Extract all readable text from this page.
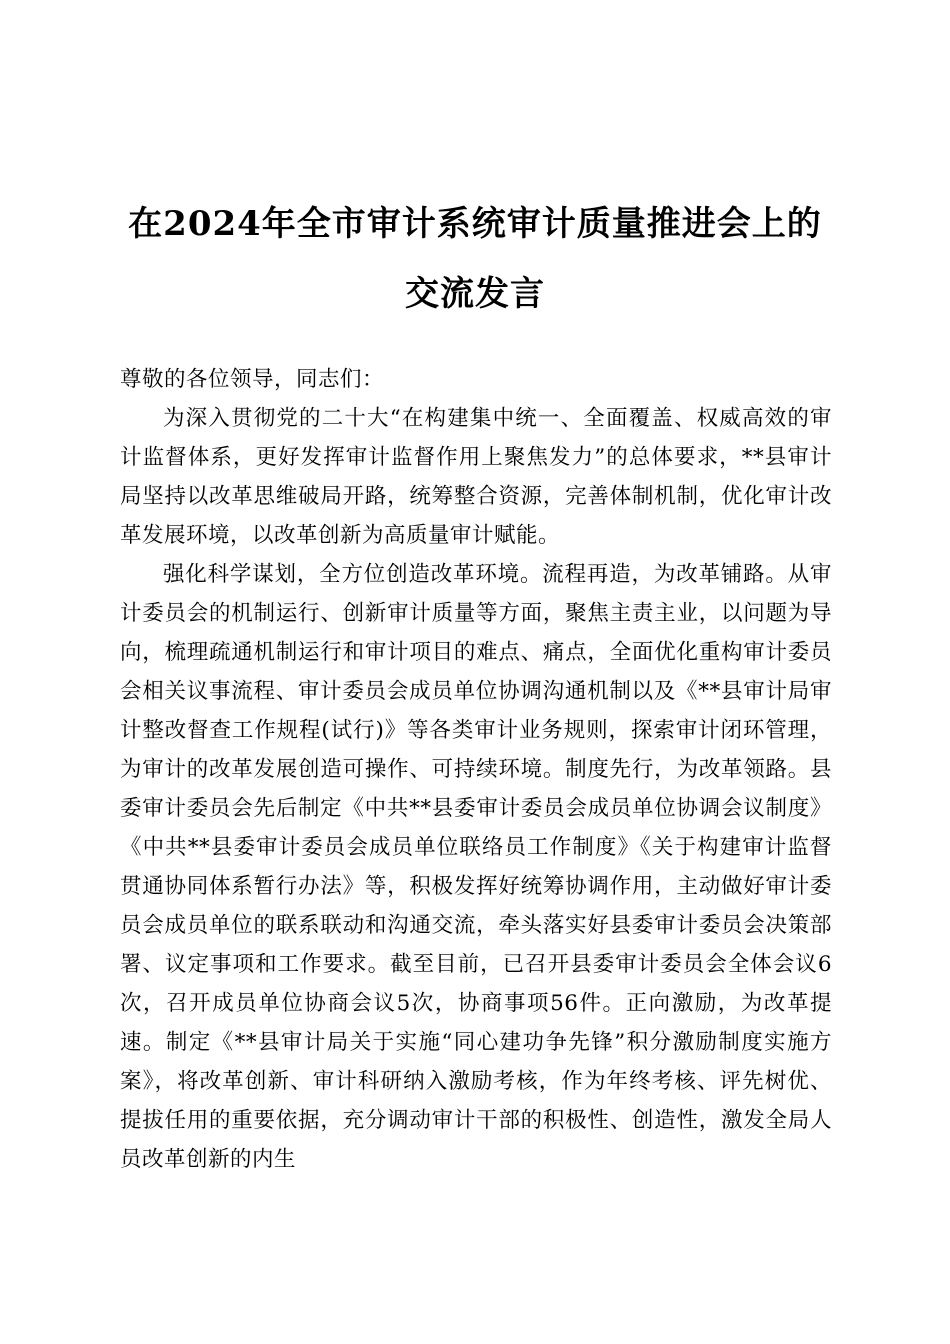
在2024年全市审计系统审计质量推进会上的
交流发言

尊敬的各位领导，同志们：

为深入贯彻党的二十大“在构建集中统一、全面覆盖、权威高效的审计监督体系，更好发挥审计监督作用上聚焦发力”的总体要求，**县审计局坚持以改革思维破局开路，统筹整合资源，完善体制机制，优化审计改革发展环境，以改革创新为高质量审计赋能。

强化科学谋划，全方位创造改革环境。流程再造，为改革铺路。从审计委员会的机制运行、创新审计质量等方面，聚焦主责主业，以问题为导向，梳理疏通机制运行和审计项目的难点、痛点，全面优化重构审计委员会相关议事流程、审计委员会成员单位协调沟通机制以及《**县审计局审计整改督查工作规程(试行)》等各类审计业务规则，探索审计闭环管理，为审计的改革发展创造可操作、可持续环境。制度先行，为改革领路。县委审计委员会先后制定《中共**县委审计委员会成员单位协调会议制度》《中共**县委审计委员会成员单位联络员工作制度》《关于构建审计监督贯通协同体系暂行办法》等，积极发挥好统筹协调作用，主动做好审计委员会成员单位的联系联动和沟通交流，牵头落实好县委审计委员会决策部署、议定事项和工作要求。截至目前，已召开县委审计委员会全体会议6次，召开成员单位协商会议5次，协商事项56件。正向激励，为改革提速。制定《**县审计局关于实施“同心建功争先锋”积分激励制度实施方案》，将改革创新、审计科研纳入激励考核，作为年终考核、评先树优、提拔任用的重要依据，充分调动审计干部的积极性、创造性，激发全局人员改革创新的内生
